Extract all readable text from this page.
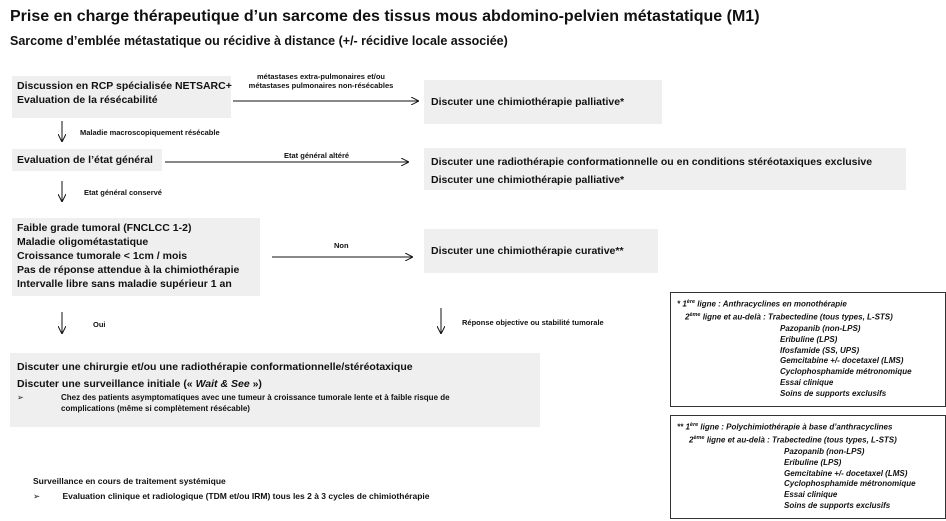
Prise en charge thérapeutique d’un sarcome des tissus mous abdomino-pelvien métastatique (M1)
Sarcome d’emblée métastatique ou récidive à distance (+/- récidive locale associée)
Discussion en RCP spécialisée NETSARC+
Evaluation de la résécabilité	Discuter une chimiothérapie palliative*
Evaluation de l’état général	Discuter une radiothérapie conformationnelle ou en conditions stéréotaxiques exclusive
Discuter une chimiothérapie palliative*
Faible grade tumoral (FNCLCC 1-2)
Maladie oligométastatique
Croissance tumorale < 1cm / mois
Pas de réponse attendue à la chimiothérapie
Intervalle libre sans maladie supérieur 1 an
Discuter une chimiothérapie curative**
Discuter une chirurgie et/ou une radiothérapie conformationnelle/stéréotaxique
Discuter une surveillance initiale (« Wait & See »)
➢	Chez des patients asymptomatiques avec une tumeur à croissance tumorale lente et à faible risque de complications (même si complètement résécable)
métastases extra-pulmonaires et/ou
métastases pulmonaires non-résécables
Maladie macroscopiquement résécable
Etat général altéré
Etat général conservé
Non
Oui	Réponse objective ou stabilité tumorale
* 1ère ligne : Anthracyclines en monothérapie
2ème ligne et au-delà : Trabectedine (tous types, L-STS)
Pazopanib (non-LPS)
Eribuline (LPS)
Ifosfamide (SS, UPS)
Gemcitabine +/- docetaxel (LMS)
Cyclophosphamide métronomique
Essai clinique
Soins de supports exclusifs
** 1ère ligne : Polychimiothérapie à base d’anthracyclines
2ème ligne et au-delà : Trabectedine (tous types, L-STS)
Pazopanib (non-LPS)
Eribuline (LPS)
Gemcitabine +/- docetaxel (LMS)
Cyclophosphamide métronomique
Essai clinique
Soins de supports exclusifs
Surveillance en cours de traitement systémique
➢	Evaluation clinique et radiologique (TDM et/ou IRM) tous les 2 à 3 cycles de chimiothérapie
